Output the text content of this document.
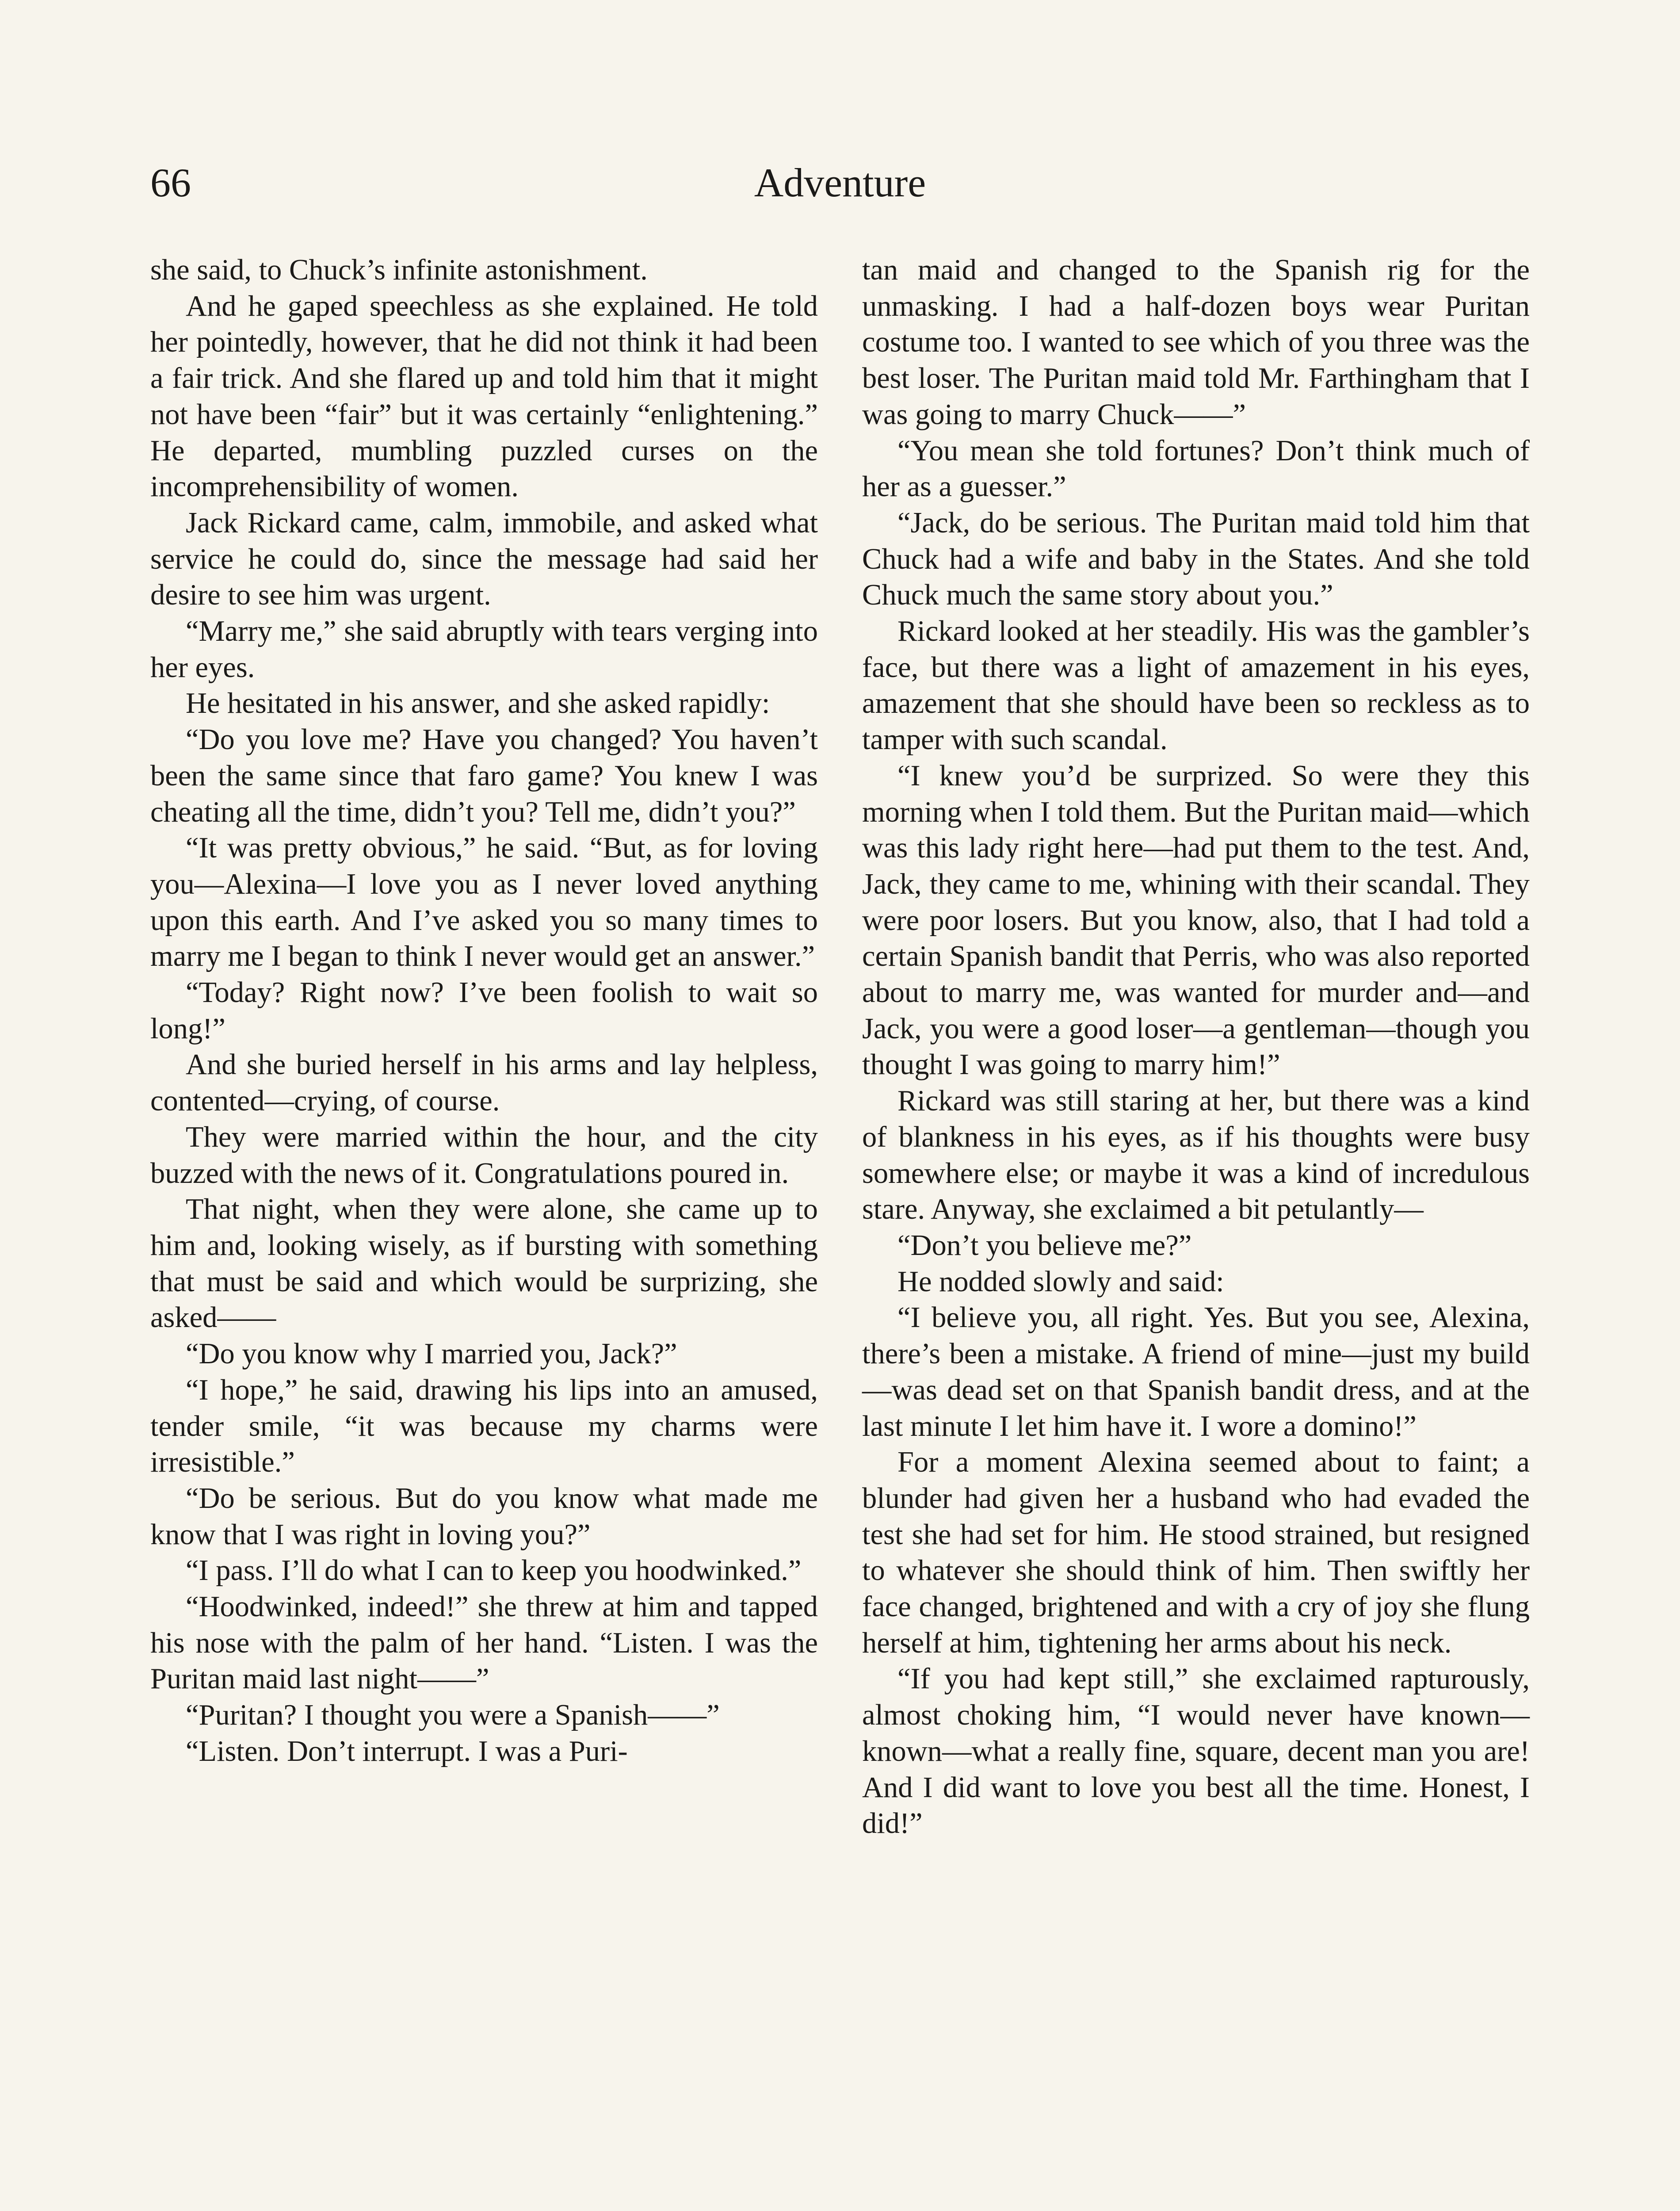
66	Adventure

she said, to Chuck’s infinite astonishment.

And he gaped speechless as she explained. He told her pointedly, however, that he did not think it had been a fair trick. And she flared up and told him that it might not have been “fair” but it was certainly “enlightening.” He departed, mumbling puzzled curses on the incomprehensibility of women.

Jack Rickard came, calm, immobile, and asked what service he could do, since the message had said her desire to see him was urgent.

“Marry me,” she said abruptly with tears verging into her eyes.

He hesitated in his answer, and she asked rapidly:

“Do you love me? Have you changed? You haven’t been the same since that faro game? You knew I was cheating all the time, didn’t you? Tell me, didn’t you?”

“It was pretty obvious,” he said. “But, as for loving you—Alexina—I love you as I never loved anything upon this earth. And I’ve asked you so many times to marry me I began to think I never would get an answer.”

“Today? Right now? I’ve been foolish to wait so long!”

And she buried herself in his arms and lay helpless, contented—crying, of course.

They were married within the hour, and the city buzzed with the news of it. Congratulations poured in.

That night, when they were alone, she came up to him and, looking wisely, as if bursting with something that must be said and which would be surprizing, she asked——

“Do you know why I married you, Jack?”

“I hope,” he said, drawing his lips into an amused, tender smile, “it was because my charms were irresistible.”

“Do be serious. But do you know what made me know that I was right in loving you?”

“I pass. I’ll do what I can to keep you hoodwinked.”

“Hoodwinked, indeed!” she threw at him and tapped his nose with the palm of her hand. “Listen. I was the Puritan maid last night——”

“Puritan? I thought you were a Spanish——”

“Listen. Don’t interrupt. I was a Puri-

tan maid and changed to the Spanish rig for the unmasking. I had a half-dozen boys wear Puritan costume too. I wanted to see which of you three was the best loser. The Puritan maid told Mr. Farthingham that I was going to marry Chuck——”

“You mean she told fortunes? Don’t think much of her as a guesser.”

“Jack, do be serious. The Puritan maid told him that Chuck had a wife and baby in the States. And she told Chuck much the same story about you.”

Rickard looked at her steadily. His was the gambler’s face, but there was a light of amazement in his eyes, amazement that she should have been so reckless as to tamper with such scandal.

“I knew you’d be surprized. So were they this morning when I told them. But the Puritan maid—which was this lady right here—had put them to the test. And, Jack, they came to me, whining with their scandal. They were poor losers. But you know, also, that I had told a certain Spanish bandit that Perris, who was also reported about to marry me, was wanted for murder and—and Jack, you were a good loser—a gentleman—though you thought I was going to marry him!”

Rickard was still staring at her, but there was a kind of blankness in his eyes, as if his thoughts were busy somewhere else; or maybe it was a kind of incredulous stare. Anyway, she exclaimed a bit petulantly—

“Don’t you believe me?”

He nodded slowly and said:

“I believe you, all right. Yes. But you see, Alexina, there’s been a mistake. A friend of mine—just my build—was dead set on that Spanish bandit dress, and at the last minute I let him have it. I wore a domino!”

For a moment Alexina seemed about to faint; a blunder had given her a husband who had evaded the test she had set for him. He stood strained, but resigned to whatever she should think of him. Then swiftly her face changed, brightened and with a cry of joy she flung herself at him, tightening her arms about his neck.

“If you had kept still,” she exclaimed rapturously, almost choking him, “I would never have known—known—what a really fine, square, decent man you are! And I did want to love you best all the time. Honest, I did!”
